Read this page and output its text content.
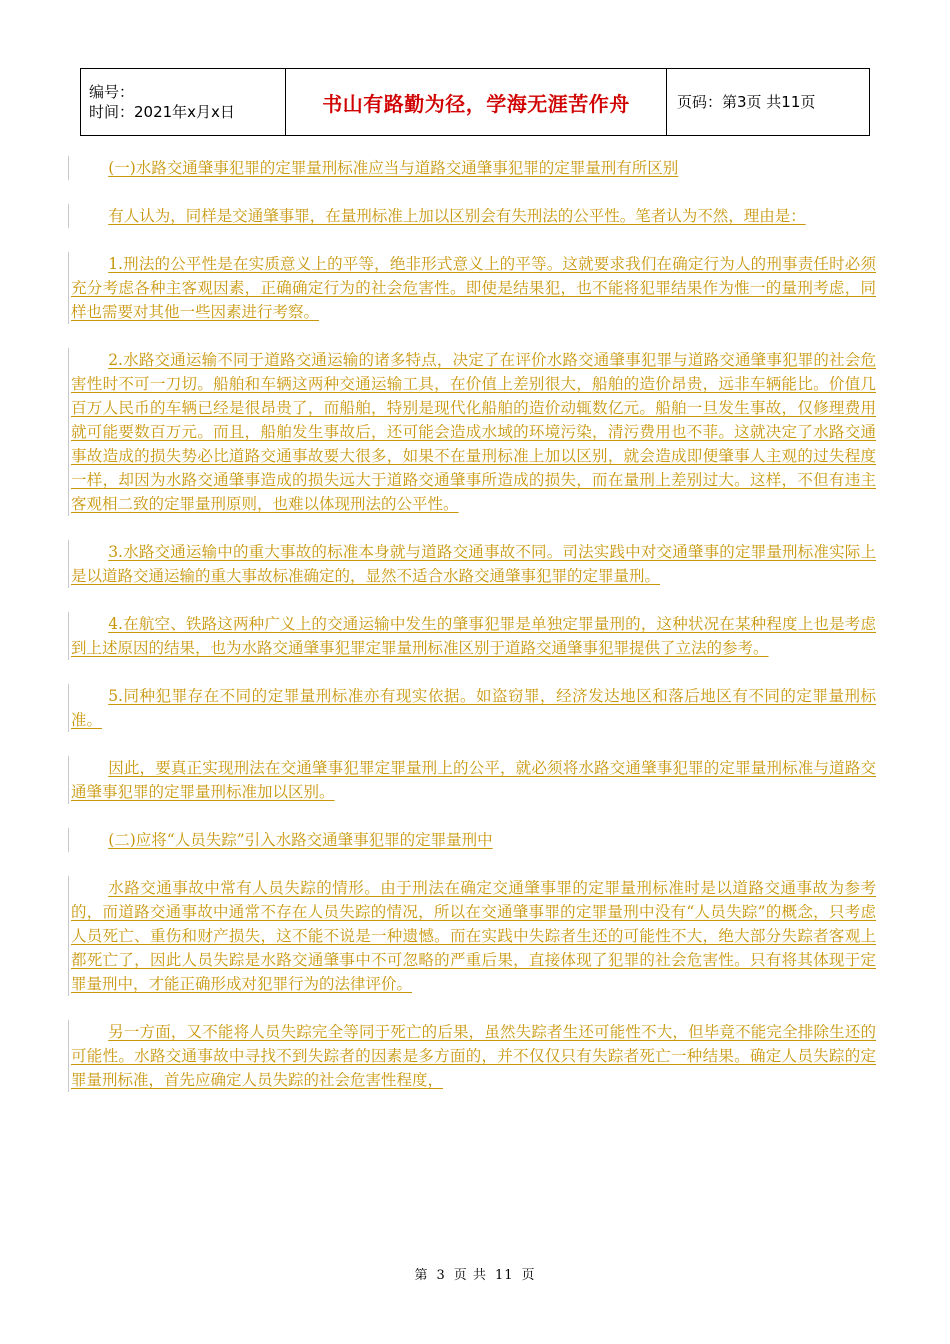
编号：
时间：2021年x月x日	书山有路勤为径，学海无涯苦作舟	页码：第3页 共11页

(一)水路交通肇事犯罪的定罪量刑标准应当与道路交通肇事犯罪的定罪量刑有所区别

有人认为，同样是交通肇事罪，在量刑标准上加以区别会有失刑法的公平性。笔者认为不然，理由是：

1.刑法的公平性是在实质意义上的平等，绝非形式意义上的平等。这就要求我们在确定行为人的刑事责任时必须充分考虑各种主客观因素，正确确定行为的社会危害性。即使是结果犯，也不能将犯罪结果作为惟一的量刑考虑，同样也需要对其他一些因素进行考察。

2.水路交通运输不同于道路交通运输的诸多特点，决定了在评价水路交通肇事犯罪与道路交通肇事犯罪的社会危害性时不可一刀切。船舶和车辆这两种交通运输工具，在价值上差别很大，船舶的造价昂贵，远非车辆能比。价值几百万人民币的车辆已经是很昂贵了，而船舶，特别是现代化船舶的造价动辄数亿元。船舶一旦发生事故，仅修理费用就可能要数百万元。而且，船舶发生事故后，还可能会造成水域的环境污染，清污费用也不菲。这就决定了水路交通事故造成的损失势必比道路交通事故要大很多，如果不在量刑标准上加以区别，就会造成即便肇事人主观的过失程度一样，却因为水路交通肇事造成的损失远大于道路交通肇事所造成的损失，而在量刑上差别过大。这样，不但有违主客观相二致的定罪量刑原则，也难以体现刑法的公平性。

3.水路交通运输中的重大事故的标准本身就与道路交通事故不同。司法实践中对交通肇事的定罪量刑标准实际上是以道路交通运输的重大事故标准确定的，显然不适合水路交通肇事犯罪的定罪量刑。

4.在航空、铁路这两种广义上的交通运输中发生的肇事犯罪是单独定罪量刑的，这种状况在某种程度上也是考虑到上述原因的结果，也为水路交通肇事犯罪定罪量刑标准区别于道路交通肇事犯罪提供了立法的参考。

5.同种犯罪存在不同的定罪量刑标准亦有现实依据。如盗窃罪，经济发达地区和落后地区有不同的定罪量刑标准。

因此，要真正实现刑法在交通肇事犯罪定罪量刑上的公平，就必须将水路交通肇事犯罪的定罪量刑标准与道路交通肇事犯罪的定罪量刑标准加以区别。

(二)应将“人员失踪”引入水路交通肇事犯罪的定罪量刑中

水路交通事故中常有人员失踪的情形。由于刑法在确定交通肇事罪的定罪量刑标准时是以道路交通事故为参考的，而道路交通事故中通常不存在人员失踪的情况，所以在交通肇事罪的定罪量刑中没有“人员失踪”的概念，只考虑人员死亡、重伤和财产损失，这不能不说是一种遗憾。而在实践中失踪者生还的可能性不大，绝大部分失踪者客观上都死亡了，因此人员失踪是水路交通肇事中不可忽略的严重后果，直接体现了犯罪的社会危害性。只有将其体现于定罪量刑中，才能正确形成对犯罪行为的法律评价。

另一方面，又不能将人员失踪完全等同于死亡的后果，虽然失踪者生还可能性不大，但毕竟不能完全排除生还的可能性。水路交通事故中寻找不到失踪者的因素是多方面的，并不仅仅只有失踪者死亡一种结果。确定人员失踪的定罪量刑标准，首先应确定人员失踪的社会危害性程度，

第 3 页 共 11 页
